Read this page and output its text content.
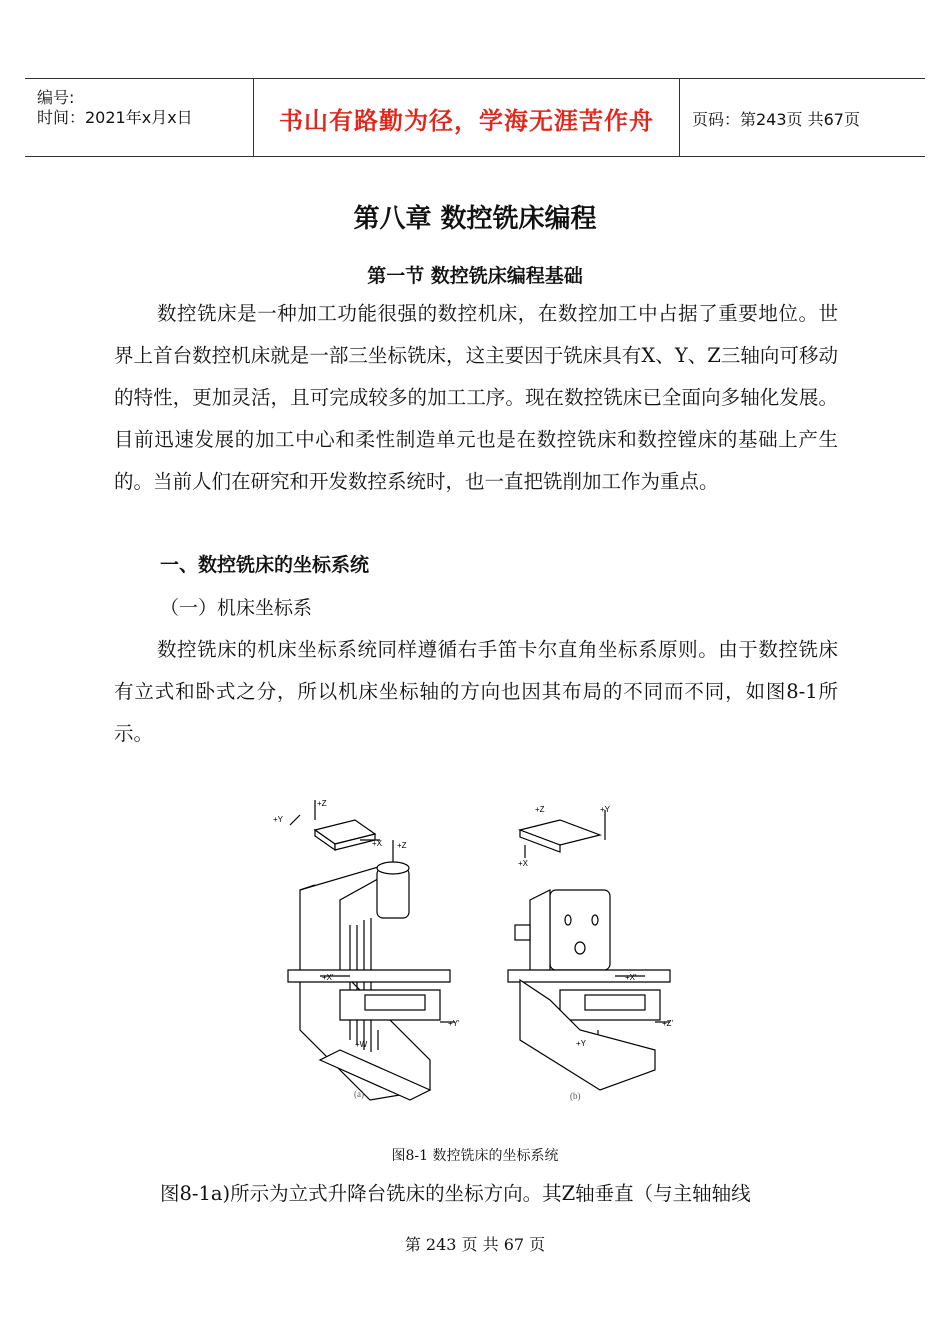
编号:
时间：2021年x月x日	书山有路勤为径，学海无涯苦作舟	页码：第243页 共67页
第八章 数控铣床编程
第一节 数控铣床编程基础

数控铣床是一种加工功能很强的数控机床，在数控加工中占据了重要地位。世界上首台数控机床就是一部三坐标铣床，这主要因于铣床具有X、Y、Z三轴向可移动的特性，更加灵活，且可完成较多的加工工序。现在数控铣床已全面向多轴化发展。目前迅速发展的加工中心和柔性制造单元也是在数控铣床和数控镗床的基础上产生的。当前人们在研究和开发数控系统时，也一直把铣削加工作为重点。

一、数控铣床的坐标系统
（一）机床坐标系

数控铣床的机床坐标系统同样遵循右手笛卡尔直角坐标系原则。由于数控铣床有立式和卧式之分，所以机床坐标轴的方向也因其布局的不同而不同，如图8-1所示。

+Z
+Y
+X +Z
+X'
+Y'
+W
+Z	+Y
+X
+X'
+Z'
+Y
(a)	(b)
图8-1 数控铣床的坐标系统

图8-1a)所示为立式升降台铣床的坐标方向。其Z轴垂直（与主轴轴线

第 243 页 共 67 页
